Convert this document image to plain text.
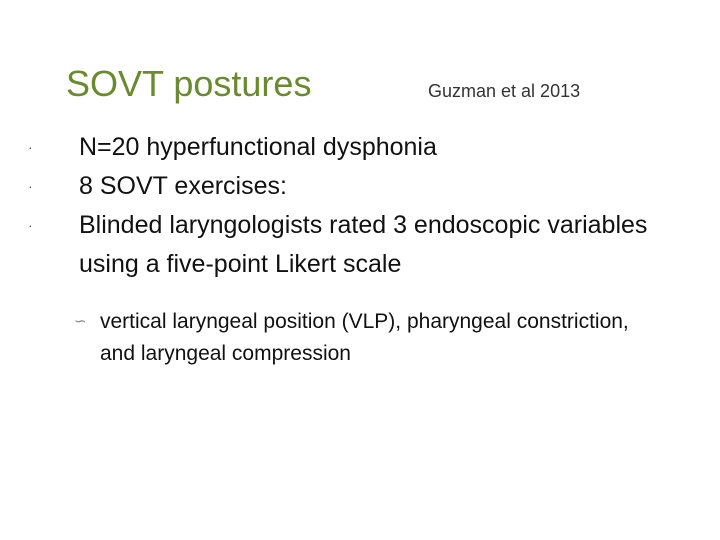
SOVT postures	Guzman et al 2013
·	N=20 hyperfunctional dysphonia
·	8 SOVT exercises:
·	Blinded laryngologists rated 3 endoscopic variables using a five-point Likert scale
∽ vertical laryngeal position (VLP), pharyngeal constriction, and laryngeal compression
